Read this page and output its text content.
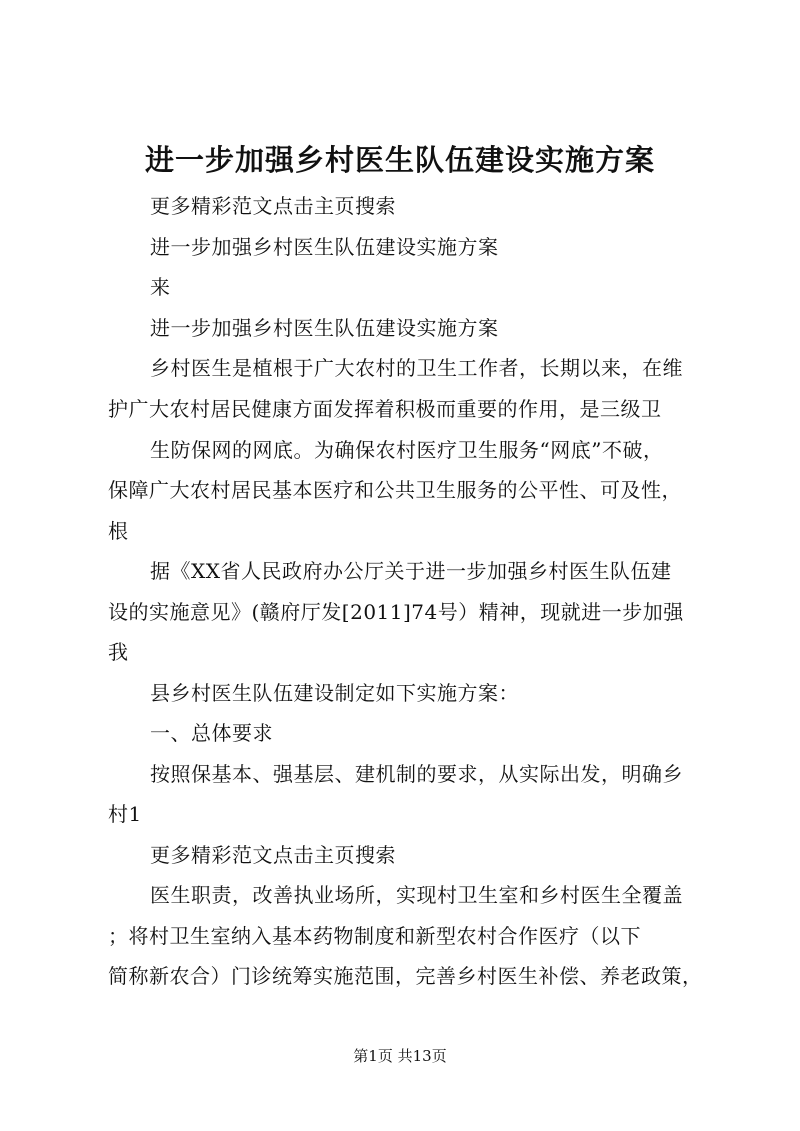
进一步加强乡村医生队伍建设实施方案
更多精彩范文点击主页搜索
进一步加强乡村医生队伍建设实施方案
来
进一步加强乡村医生队伍建设实施方案
乡村医生是植根于广大农村的卫生工作者，长期以来，在维
护广大农村居民健康方面发挥着积极而重要的作用，是三级卫
生防保网的网底。为确保农村医疗卫生服务“网底”不破，
保障广大农村居民基本医疗和公共卫生服务的公平性、可及性，
根
据《XX省人民政府办公厅关于进一步加强乡村医生队伍建
设的实施意见》(赣府厅发[2011]74号）精神，现就进一步加强
我
县乡村医生队伍建设制定如下实施方案：
一、总体要求
按照保基本、强基层、建机制的要求，从实际出发，明确乡
村1
更多精彩范文点击主页搜索
医生职责，改善执业场所，实现村卫生室和乡村医生全覆盖
；将村卫生室纳入基本药物制度和新型农村合作医疗（以下
简称新农合）门诊统筹实施范围，完善乡村医生补偿、养老政策，
第1页 共13页
